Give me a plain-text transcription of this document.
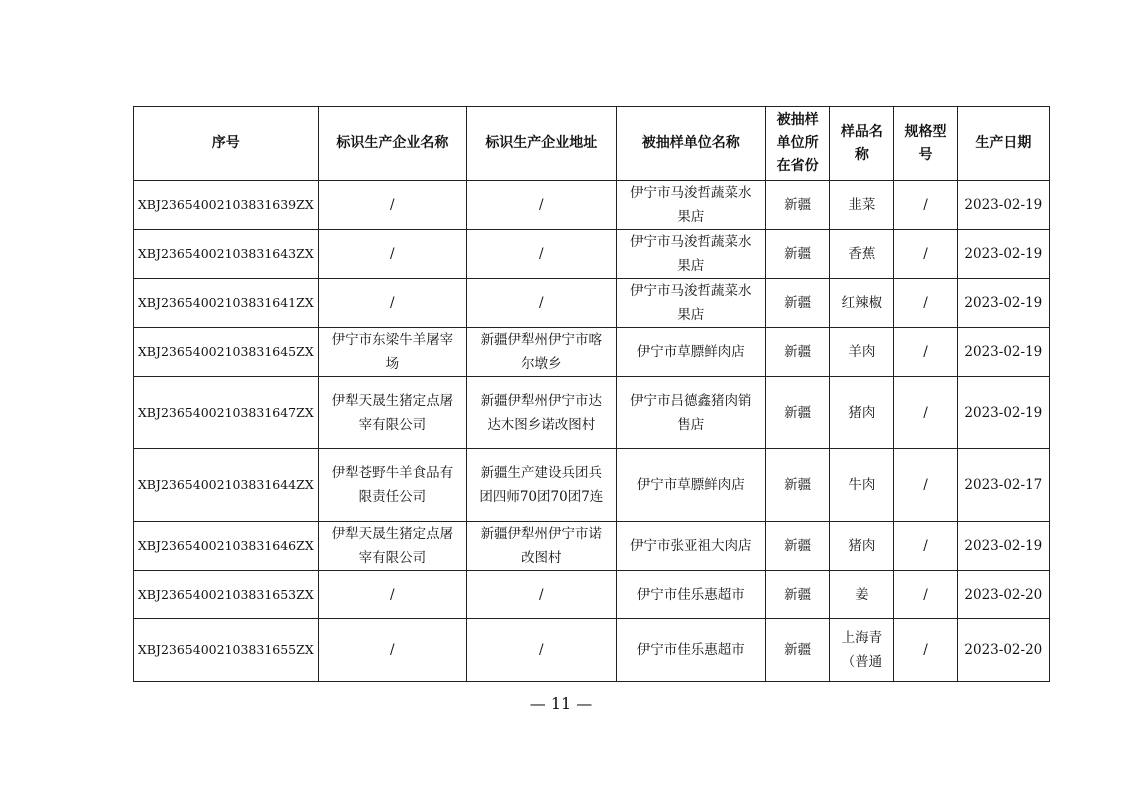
序号	标识生产企业名称	标识生产企业地址	被抽样单位名称	被抽样单位所在省份	样品名称	规格型号	生产日期
XBJ23654002103831639ZX	/	/	伊宁市马浚哲蔬菜水果店	新疆	韭菜	/	2023-02-19
XBJ23654002103831643ZX	/	/	伊宁市马浚哲蔬菜水果店	新疆	香蕉	/	2023-02-19
XBJ23654002103831641ZX	/	/	伊宁市马浚哲蔬菜水果店	新疆	红辣椒	/	2023-02-19
XBJ23654002103831645ZX	伊宁市东梁牛羊屠宰场	新疆伊犁州伊宁市喀尔墩乡	伊宁市草膘鲜肉店	新疆	羊肉	/	2023-02-19
XBJ23654002103831647ZX	伊犁天晟生猪定点屠宰有限公司	新疆伊犁州伊宁市达达木图乡诺改图村	伊宁市吕德鑫猪肉销售店	新疆	猪肉	/	2023-02-19
XBJ23654002103831644ZX	伊犁苍野牛羊食品有限责任公司	新疆生产建设兵团兵团四师70团70团7连	伊宁市草膘鲜肉店	新疆	牛肉	/	2023-02-17
XBJ23654002103831646ZX	伊犁天晟生猪定点屠宰有限公司	新疆伊犁州伊宁市诺改图村	伊宁市张亚祖大肉店	新疆	猪肉	/	2023-02-19
XBJ23654002103831653ZX	/	/	伊宁市佳乐惠超市	新疆	姜	/	2023-02-20
XBJ23654002103831655ZX	/	/	伊宁市佳乐惠超市	新疆	上海青（普通	/	2023-02-20
— 11 —
